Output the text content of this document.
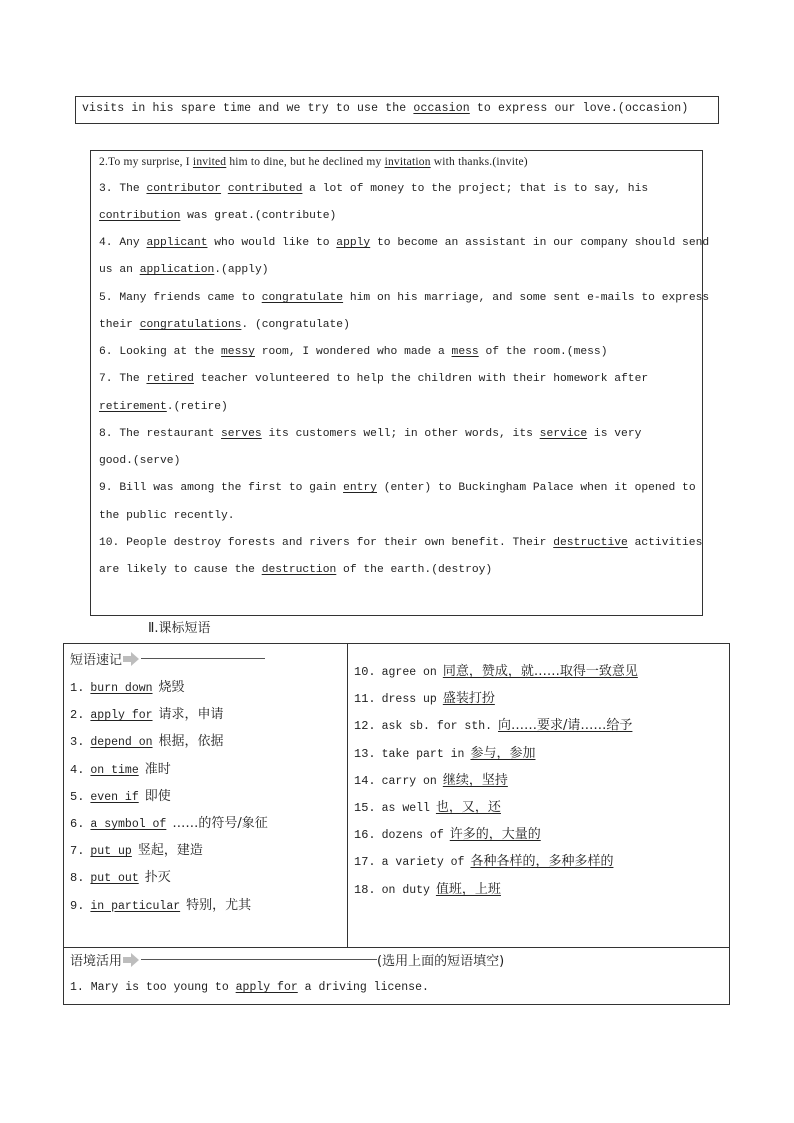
visits in his spare time and we try to use the occasion to express our love.(occasion)
2.To my surprise, I invited him to dine, but he declined my invitation with thanks.(invite)
3. The contributor contributed a lot of money to the project; that is to say, his
contribution was great.(contribute)
4. Any applicant who would like to apply to become an assistant in our company should send
us an application.(apply)
5. Many friends came to congratulate him on his marriage, and some sent e-mails to express
their congratulations. (congratulate)
6. Looking at the messy room, I wondered who made a mess of the room.(mess)
7. The retired teacher volunteered to help the children with their homework after
retirement.(retire)
8. The restaurant serves its customers well; in other words, its service is very
good.(serve)
9. Bill was among the first to gain entry (enter) to Buckingham Palace when it opened to
the public recently.
10. People destroy forests and rivers for their own benefit. Their destructive activities
are likely to cause the destruction of the earth.(destroy)
Ⅱ.课标短语
短语速记
语境活用	(选用上面的短语填空)
1. Mary is too young to apply for a driving license.
1. burn down 烧毁
2. apply for 请求，申请
3. depend on 根据，依据
4. on time 准时
5. even if 即使
6. a symbol of ……的符号/象征
7. put up 竖起，建造
8. put out 扑灭
9. in particular 特别，尤其
10. agree on 同意，赞成，就……取得一致意见
11. dress up 盛装打扮
12. ask sb. for sth. 向……要求/请……给予
13. take part in 参与，参加
14. carry on 继续，坚持
15. as well 也，又，还
16. dozens of 许多的，大量的
17. a variety of 各种各样的，多种多样的
18. on duty 值班，上班
